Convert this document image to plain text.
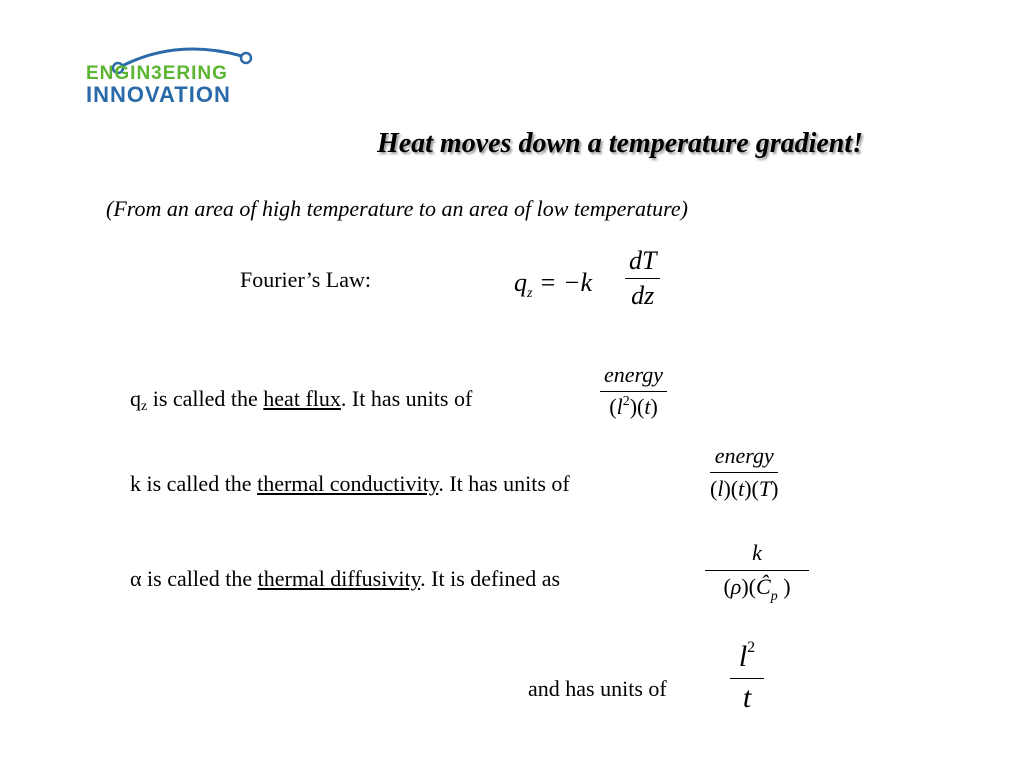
ENGIN3ERING
INNOVATION
Heat moves down a temperature gradient!
(From an area of high temperature to an area of low temperature)
Fourier’s Law:	$q_z = -k$
dT
dz
$q_z$ is called the heat flux. It has units of
energy
$(l^2)(t)$
k is called the thermal conductivity. It has units of
energy
(l)(t)(T)
α is called the thermal diffusivity. It is defined as
k
$(\rho)(Ĉ_p$ )
and has units of
$l^2$
t
